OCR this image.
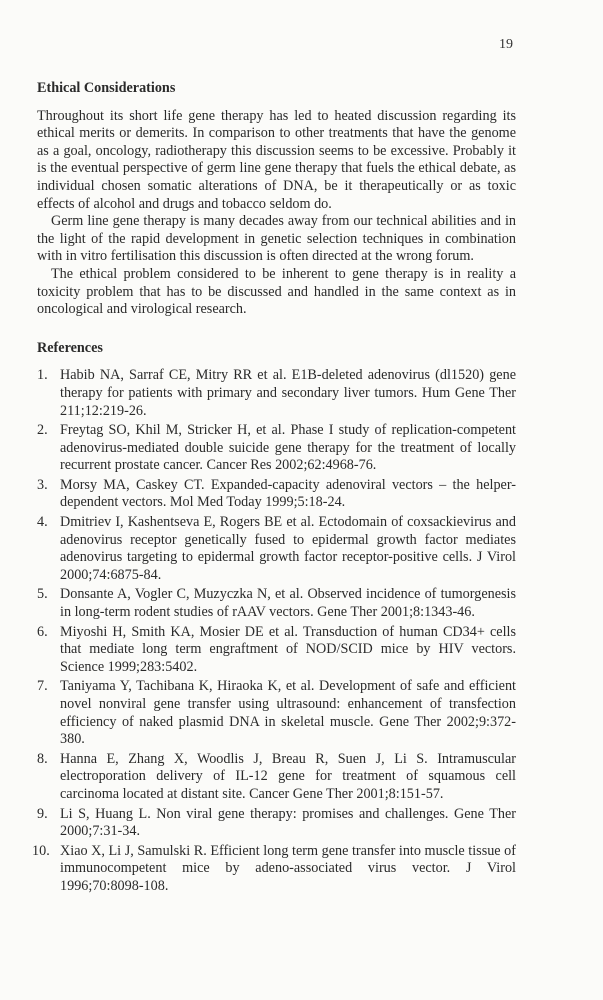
19
Ethical Considerations

Throughout its short life gene therapy has led to heated discussion regarding its ethical merits or demerits. In comparison to other treatments that have the genome as a goal, oncology, radiotherapy this discussion seems to be excessive. Probably it is the eventual perspective of germ line gene therapy that fuels the ethical debate, as individual chosen somatic alterations of DNA, be it therapeutically or as toxic effects of alcohol and drugs and tobacco seldom do.

Germ line gene therapy is many decades away from our technical abilities and in the light of the rapid development in genetic selection techniques in combination with in vitro fertilisation this discussion is often directed at the wrong forum.

The ethical problem considered to be inherent to gene therapy is in reality a toxicity problem that has to be discussed and handled in the same context as in oncological and virological research.

References
1. Habib NA, Sarraf CE, Mitry RR et al. E1B-deleted adenovirus (dl1520) gene therapy for patients with primary and secondary liver tumors. Hum Gene Ther 211;12:219-26.
2. Freytag SO, Khil M, Stricker H, et al. Phase I study of replication-competent adenovirus-mediated double suicide gene therapy for the treatment of locally recurrent prostate cancer. Cancer Res 2002;62:4968-76.
3. Morsy MA, Caskey CT. Expanded-capacity adenoviral vectors – the helper-dependent vectors. Mol Med Today 1999;5:18-24.
4. Dmitriev I, Kashentseva E, Rogers BE et al. Ectodomain of coxsackievirus and adenovirus receptor genetically fused to epidermal growth factor mediates adenovirus targeting to epidermal growth factor receptor-positive cells. J Virol 2000;74:6875-84.
5. Donsante A, Vogler C, Muzyczka N, et al. Observed incidence of tumorgenesis in long-term rodent studies of rAAV vectors. Gene Ther 2001;8:1343-46.
6. Miyoshi H, Smith KA, Mosier DE et al. Transduction of human CD34+ cells that mediate long term engraftment of NOD/SCID mice by HIV vectors. Science 1999;283:5402.
7. Taniyama Y, Tachibana K, Hiraoka K, et al. Development of safe and efficient novel nonviral gene transfer using ultrasound: enhancement of transfection efficiency of naked plasmid DNA in skeletal muscle. Gene Ther 2002;9:372-380.
8. Hanna E, Zhang X, Woodlis J, Breau R, Suen J, Li S. Intramuscular electroporation delivery of IL-12 gene for treatment of squamous cell carcinoma located at distant site. Cancer Gene Ther 2001;8:151-57.
9. Li S, Huang L. Non viral gene therapy: promises and challenges. Gene Ther 2000;7:31-34.
10. Xiao X, Li J, Samulski R. Efficient long term gene transfer into muscle tissue of immunocompetent mice by adeno-associated virus vector. J Virol 1996;70:8098-108.
